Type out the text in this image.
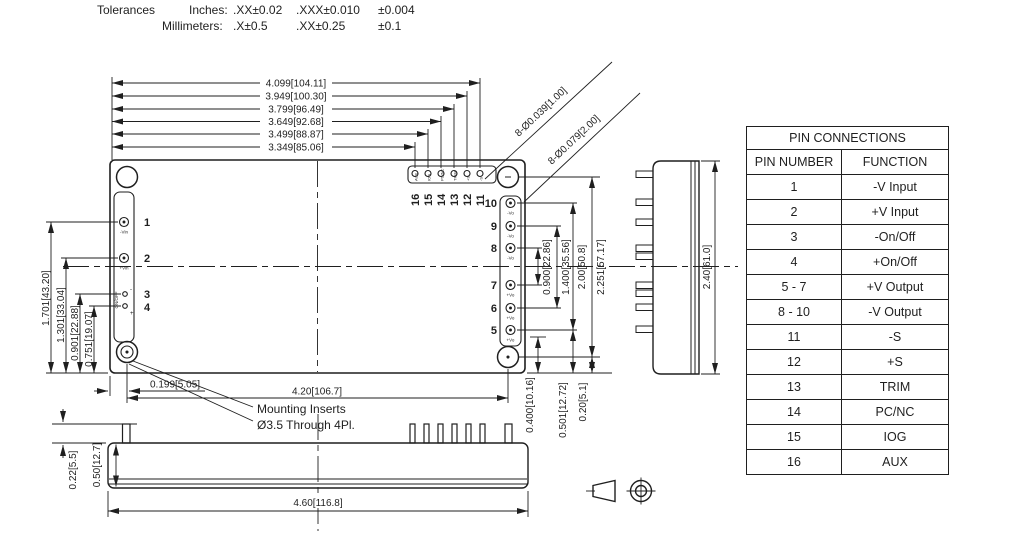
Tolerances	Inches: .XX±0.02 .XXX±0.010 ±0.004
Millimeters: .X±0.5 .XX±0.25	±0.1
4.099[104.11]
3.949[100.30]
3.799[96.49]
3.649[92.68]
3.499[88.87]
3.349[85.06]
8-Ø0.039[1.00]
8-Ø0.079[2.00]
1.701[43.20] 1.301[33.04] 0.901[22.88] 0.751[19.07]
0.900[22.86] 1.400[35.56] 2.00[50.8] 2.251[57.17]
0.199[5.05]
4.20[106.7]	0.400[10.16] 0.501[12.72] 0.20[5.1]
2.40[61.0]
0.22[5.5] 0.50[12.7]
4.60[116.8]
Mounting Inserts
Ø3.5 Through 4Pl.
1
2
3
4
-Vin
+Vin
ON/OFF
-
+
16 15 14 13 12 11
AUX IOG PC/NC TRIM +S -S
10
9
8
7
6
5
-Vo
-Vo
-Vo
+Vo
+Vo
+Vo
PIN CONNECTIONS	
PIN NUMBER	FUNCTION
1	-V Input
2	+V Input
3	-On/Off
4	+On/Off
5 - 7	+V Output
8 - 10	-V Output
11	-S
12	+S
13	TRIM
14	PC/NC
15	IOG
16	AUX
